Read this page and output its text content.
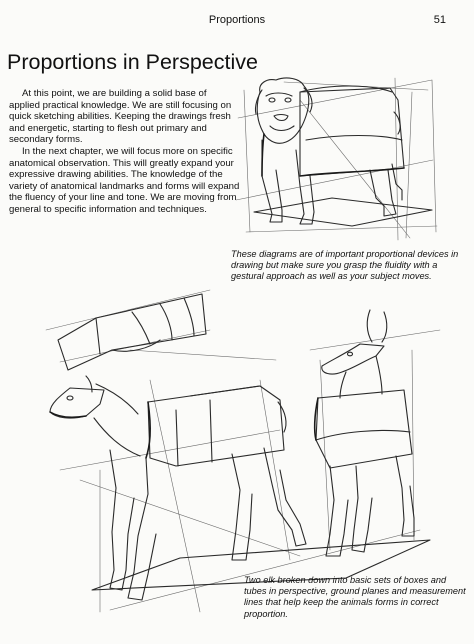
Proportions	51
Proportions in Perspective

At this point, we are building a solid base of applied practical knowledge. We are still focusing on quick sketching abilities. Keeping the drawings fresh and energetic, starting to flesh out primary and secondary forms.

In the next chapter, we will focus more on specific anatomical observation. This will greatly expand your expressive drawing abilities. The knowledge of the variety of anatomical landmarks and forms will expand the fluency of your line and tone. We are moving from general to specific information and techniques.

These diagrams are of important proportional devices in drawing but make sure you grasp the fluidity with a gestural approach as well as your subject moves.
Two elk broken down into basic sets of boxes and tubes in perspective, ground planes and measurement lines that help keep the animals forms in correct proportion.
